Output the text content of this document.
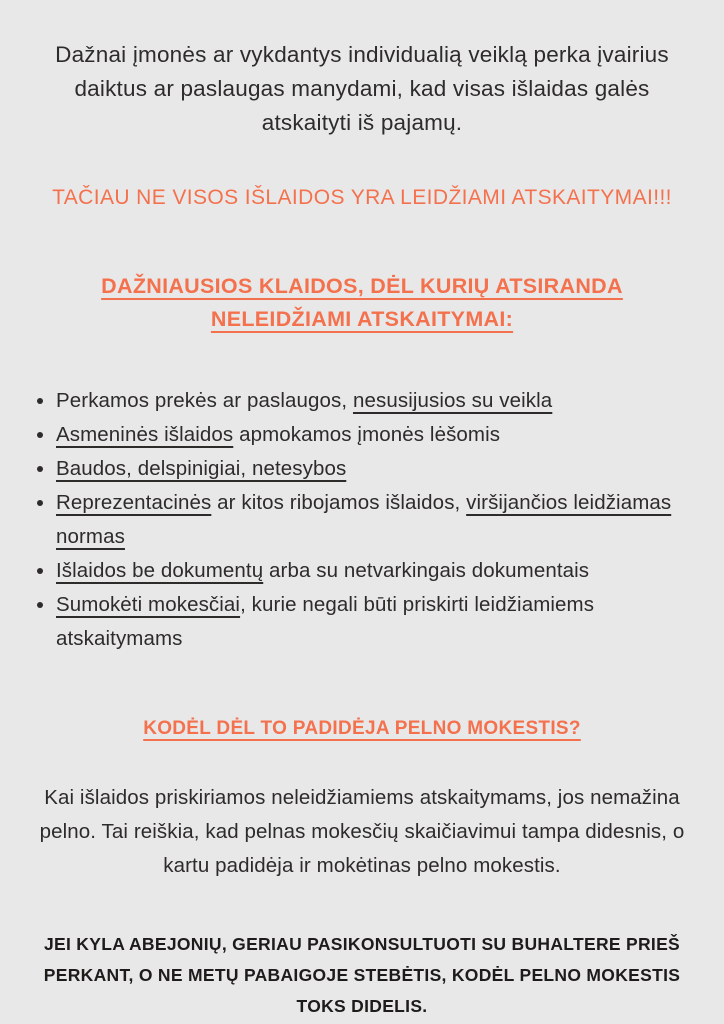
Dažnai įmonės ar vykdantys individualią veiklą perka įvairius daiktus ar paslaugas manydami, kad visas išlaidas galės atskaityti iš pajamų.

TAČIAU NE VISOS IŠLAIDOS YRA LEIDŽIAMI ATSKAITYMAI!!!

DAŽNIAUSIOS KLAIDOS, DĖL KURIŲ ATSIRANDA NELEIDŽIAMI ATSKAITYMAI:
Perkamos prekės ar paslaugos, nesusijusios su veikla
Asmeninės išlaidos apmokamos įmonės lėšomis
Baudos, delspinigiai, netesybos
Reprezentacinės ar kitos ribojamos išlaidos, viršijančios leidžiamas normas
Išlaidos be dokumentų arba su netvarkingais dokumentais
Sumokėti mokesčiai, kurie negali būti priskirti leidžiamiems atskaitymams
KODĖL DĖL TO PADIDĖJA PELNO MOKESTIS?

Kai išlaidos priskiriamos neleidžiamiems atskaitymams, jos nemažina pelno. Tai reiškia, kad pelnas mokesčių skaičiavimui tampa didesnis, o kartu padidėja ir mokėtinas pelno mokestis.

JEI KYLA ABEJONIŲ, GERIAU PASIKONSULTUOTI SU BUHALTERE PRIEŠ PERKANT, O NE METŲ PABAIGOJE STEBĖTIS, KODĖL PELNO MOKESTIS TOKS DIDELIS.
